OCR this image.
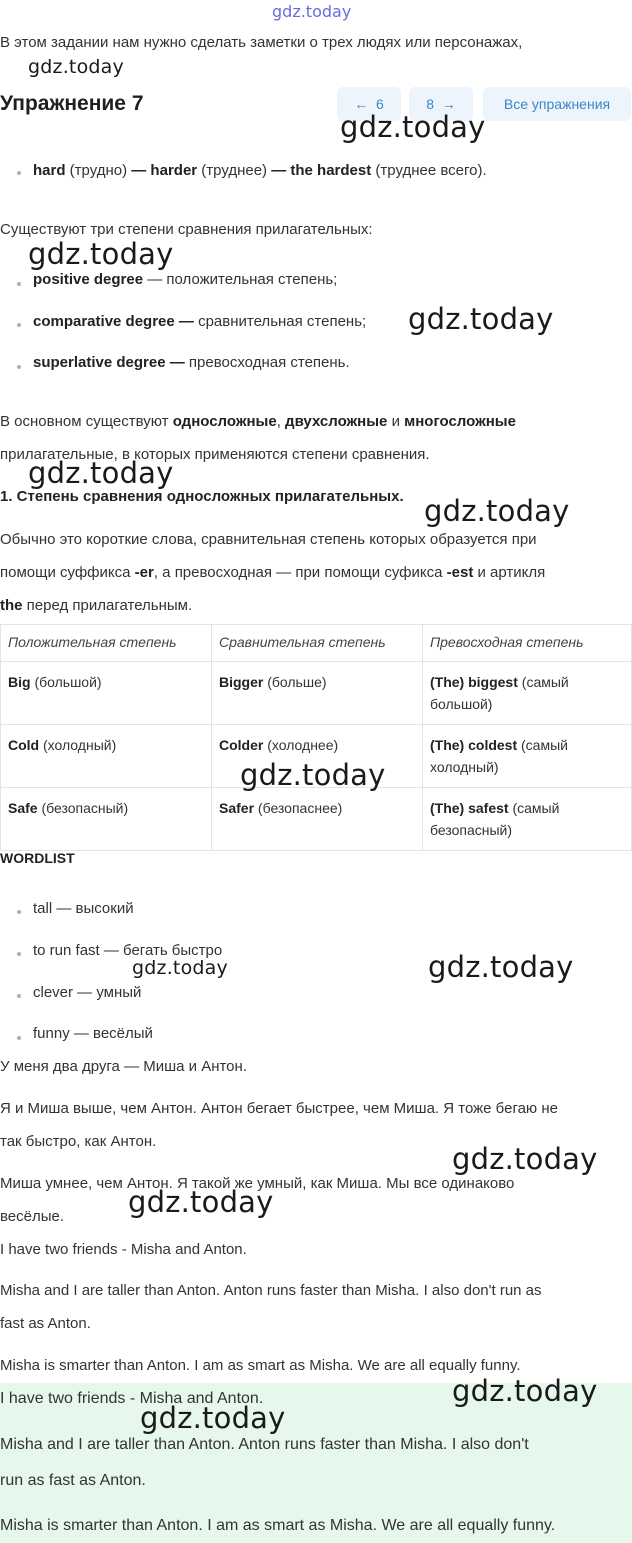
gdz.today
В этом задании нам нужно сделать заметки о трех людях или персонажах,
Упражнение 7	← 6	8 →	Все упражнения
hard (трудно) — harder (труднее) — the hardest (труднее всего).
Существуют три степени сравнения прилагательных:
positive degree — положительная степень;
comparative degree — сравнительная степень;
superlative degree — превосходная степень.
В основном существуют односложные, двухсложные и многосложные
прилагательные, в которых применяются степени сравнения.
1. Степень сравнения односложных прилагательных.
Обычно это короткие слова, сравнительная степень которых образуется при
помощи суффикса -er, а превосходная — при помощи суфикса -est и артикля
the перед прилагательным.
Положительная степень	Сравнительная степень	Превосходная степень
Big (большой)	Bigger (больше)	(The) biggest (самый большой)
Cold (холодный)	Colder (холоднее)	(The) coldest (самый холодный)
Safe (безопасный)	Safer (безопаснее)	(The) safest (самый безопасный)
WORDLIST
tall — высокий
to run fast — бегать быстро
clever — умный
funny — весёлый
У меня два друга — Миша и Антон.
Я и Миша выше, чем Антон. Антон бегает быстрее, чем Миша. Я тоже бегаю не
так быстро, как Антон.
Миша умнее, чем Антон. Я такой же умный, как Миша. Мы все одинаково
весёлые.
I have two friends - Misha and Anton.
Misha and I are taller than Anton. Anton runs faster than Misha. I also don't run as
fast as Anton.
Misha is smarter than Anton. I am as smart as Misha. We are all equally funny.
I have two friends - Misha and Anton.
Misha and I are taller than Anton. Anton runs faster than Misha. I also don't
run as fast as Anton.
Misha is smarter than Anton. I am as smart as Misha. We are all equally funny.
gdz.today
gdz.today
gdz.today
gdz.today
gdz.today
gdz.today
gdz.today
gdz.today	gdz.today
gdz.today
gdz.today
gdz.today
gdz.today
